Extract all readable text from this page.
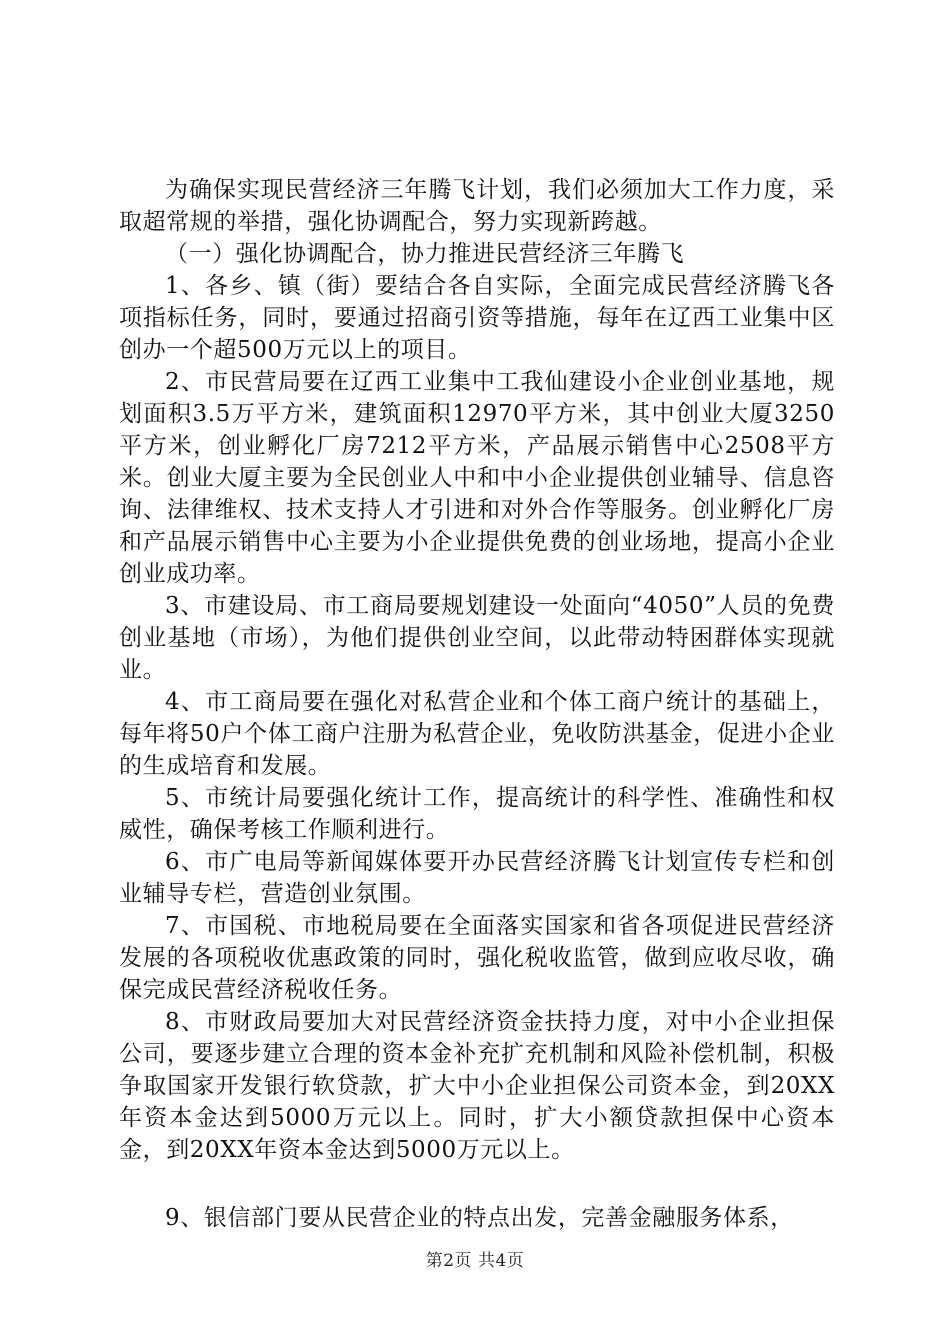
为确保实现民营经济三年腾飞计划，我们必须加大工作力度，采取超常规的举措，强化协调配合，努力实现新跨越。

（一）强化协调配合，协力推进民营经济三年腾飞

1、各乡、镇（街）要结合各自实际，全面完成民营经济腾飞各项指标任务，同时，要通过招商引资等措施，每年在辽西工业集中区创办一个超500万元以上的项目。

2、市民营局要在辽西工业集中工我仙建设小企业创业基地，规划面积3.5万平方米，建筑面积12970平方米，其中创业大厦3250平方米，创业孵化厂房7212平方米，产品展示销售中心2508平方米。创业大厦主要为全民创业人中和中小企业提供创业辅导、信息咨询、法律维权、技术支持人才引进和对外合作等服务。创业孵化厂房和产品展示销售中心主要为小企业提供免费的创业场地，提高小企业创业成功率。

3、市建设局、市工商局要规划建设一处面向“4050”人员的免费创业基地（市场），为他们提供创业空间，以此带动特困群体实现就业。

4、市工商局要在强化对私营企业和个体工商户统计的基础上，每年将50户个体工商户注册为私营企业，免收防洪基金，促进小企业的生成培育和发展。

5、市统计局要强化统计工作，提高统计的科学性、准确性和权威性，确保考核工作顺利进行。

6、市广电局等新闻媒体要开办民营经济腾飞计划宣传专栏和创业辅导专栏，营造创业氛围。

7、市国税、市地税局要在全面落实国家和省各项促进民营经济发展的各项税收优惠政策的同时，强化税收监管，做到应收尽收，确保完成民营经济税收任务。

8、市财政局要加大对民营经济资金扶持力度，对中小企业担保公司，要逐步建立合理的资本金补充扩充机制和风险补偿机制，积极争取国家开发银行软贷款，扩大中小企业担保公司资本金，到20XX年资本金达到5000万元以上。同时，扩大小额贷款担保中心资本金，到20XX年资本金达到5000万元以上。

9、银信部门要从民营企业的特点出发，完善金融服务体系，

第2页 共4页
